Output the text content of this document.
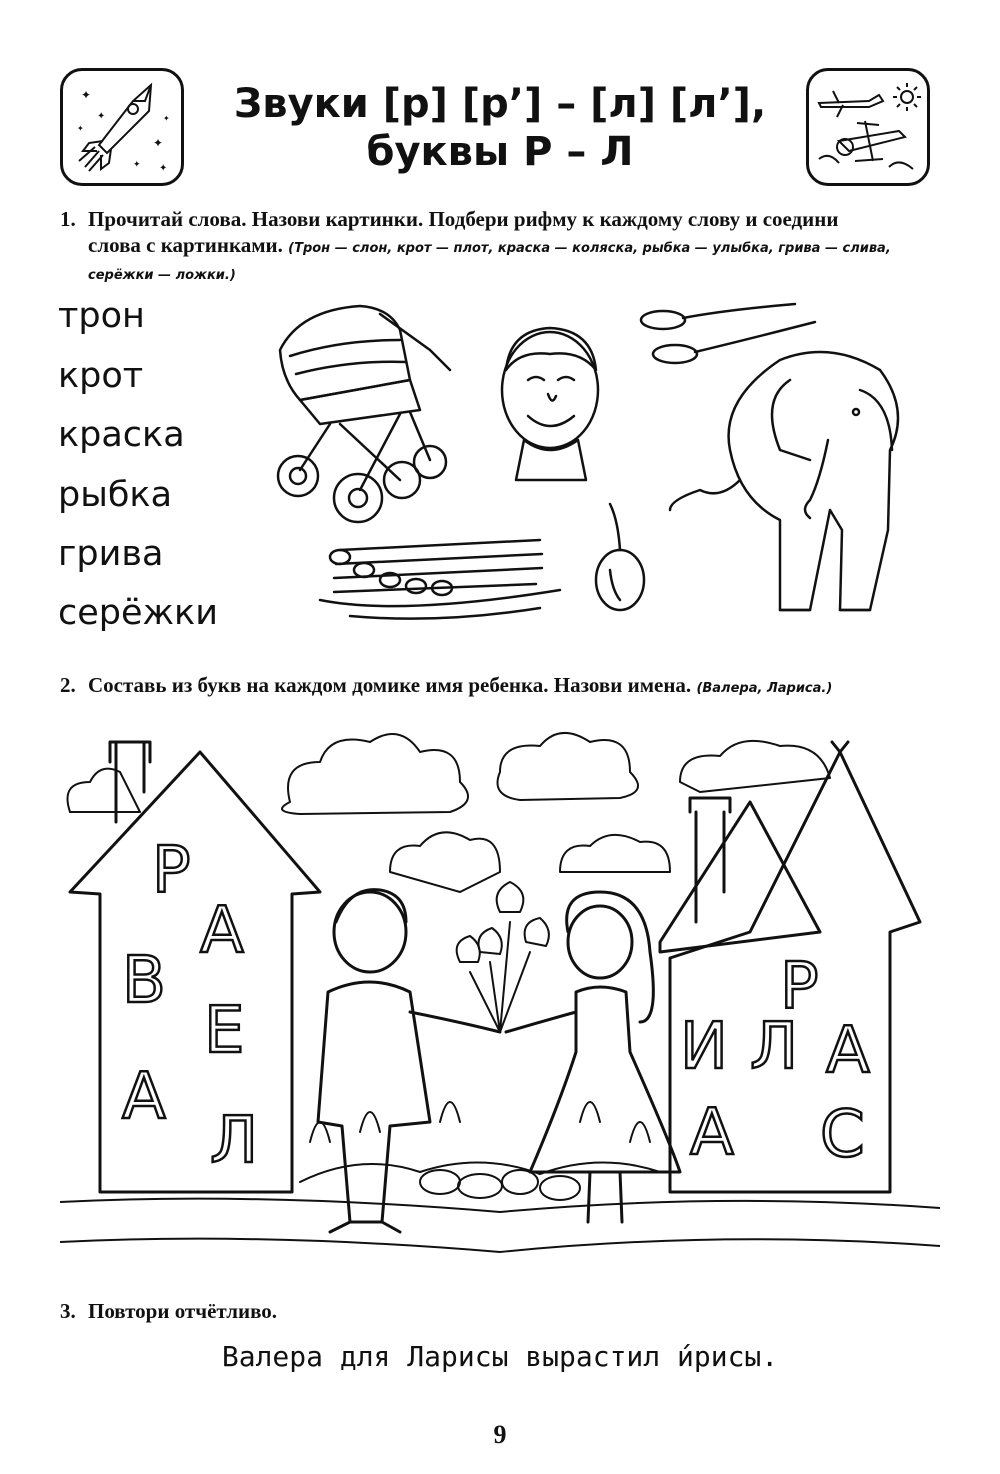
✦
✦
✦
✦
✦
✦
✦	Звуки [р] [р’] – [л] [л’],
буквы Р – Л
1. Прочитай слова. Назови картинки. Подбери рифму к каждому слову и соедини
слова с картинками. (Трон — слон, крот — плот, краска — коляска, рыбка — улыбка, грива — слива,
серёжки — ложки.)
трон
крот
краска
рыбка
грива
серёжки
2. Составь из букв на каждом домике имя ребенка. Назови имена. (Валера, Лариса.)
Р
А
В
Е
А
Л
Р
И Л А
А С
3. Повтори отчётливо.
Валера для Ларисы вырастил и́рисы.
9
